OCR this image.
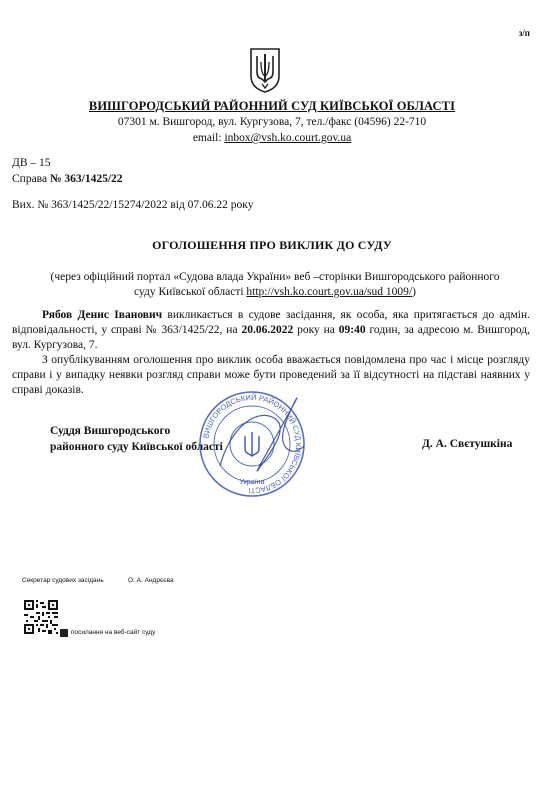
з/п
ВИШГОРОДСЬКИЙ РАЙОННИЙ СУД КИЇВСЬКОЇ ОБЛАСТІ
07301 м. Вишгород, вул. Кургузова, 7, тел./факс (04596) 22-710
email: inbox@vsh.ko.court.gov.ua
ДВ – 15
Справа № 363/1425/22
Вих. № 363/1425/22/15274/2022 від 07.06.22 року
ОГОЛОШЕННЯ ПРО ВИКЛИК ДО СУДУ
(через офіційний портал «Судова влада України» веб –сторінки Вишгородського районного суду Київської області http://vsh.ko.court.gov.ua/sud 1009/)
Рябов Денис Іванович викликається в судове засідання, як особа, яка притягається до адмін. відповідальності, у справі № 363/1425/22, на 20.06.2022 року на 09:40 годин, за адресою м. Вишгород, вул. Кургузова, 7.
З опублікуванням оголошення про виклик особа вважається повідомлена про час і місце розгляду справи і у випадку неявки розгляд справи може бути проведений за її відсутності на підставі наявних у справі доказів.
Суддя Вишгородського
районного суду Київської області
ВИШГОРОДСЬКИЙ РАЙОННИЙ СУД КИЇВСЬКОЇ ОБЛАСТІ
Україна
Д. А. Свєтушкіна
Секретар судових засідань	О. А. Андрєєва
посилання на веб-сайт суду
